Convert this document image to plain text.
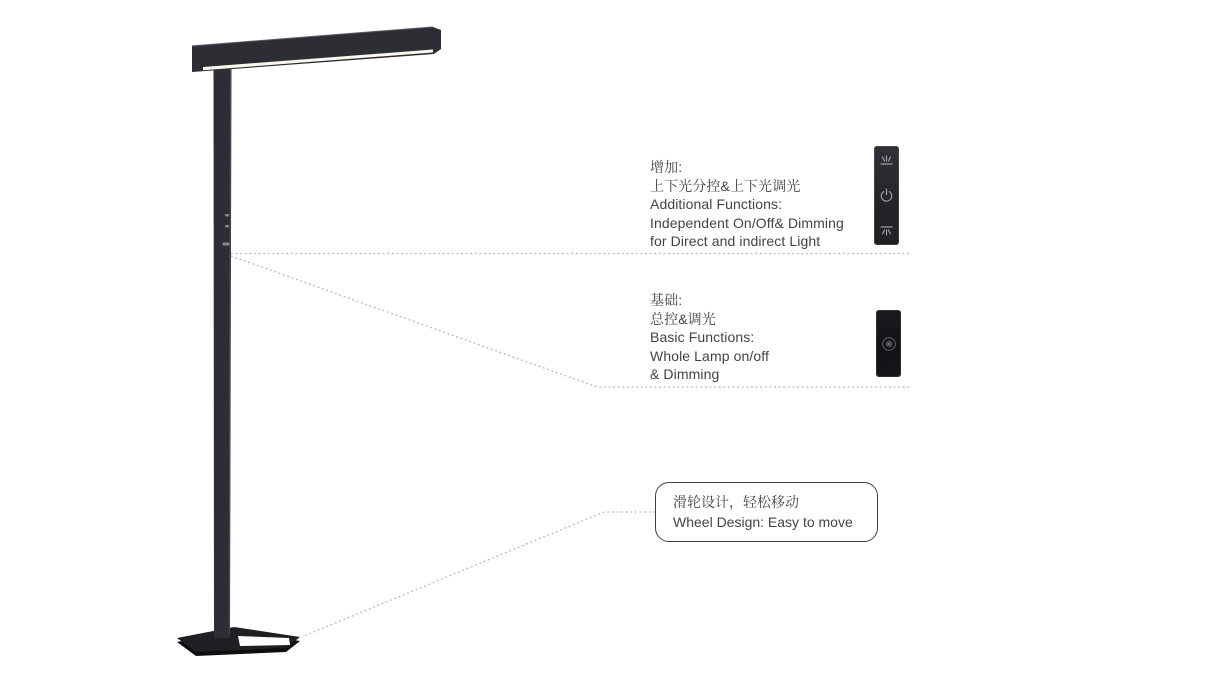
增加:
上下光分控&上下光调光
Additional Functions:
Independent On/Off& Dimming
for Direct and indirect Light
基础:
总控&调光
Basic Functions:
Whole Lamp on/off
& Dimming
滑轮设计，轻松移动
Wheel Design: Easy to move
